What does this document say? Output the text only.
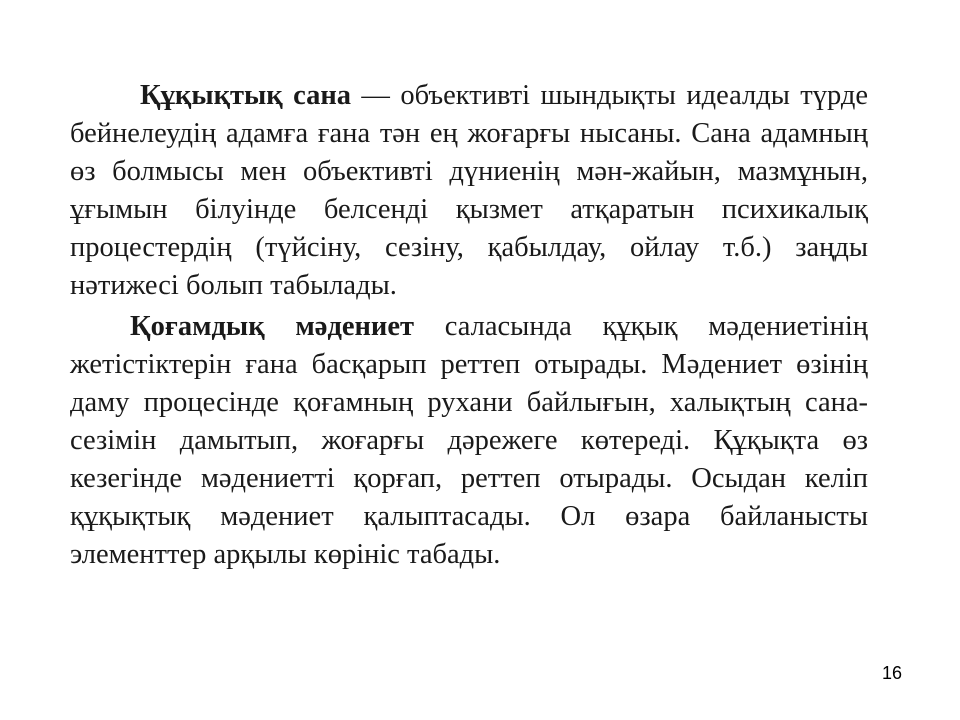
Құқықтық сана — объективті шындықты идеалды түрде бейнелеудің адамға ғана тән ең жоғарғы нысаны. Сана адамның өз болмысы мен объективті дүниенің мән-жайын, мазмұнын, ұғымын білуінде белсенді қызмет атқаратын психикалық процестердің (түйсіну, сезіну, қабылдау, ойлау т.б.) заңды нәтижесі болып табылады.

Қоғамдық мәдениет саласында құқық мәдениетінің жетістіктерін ғана басқарып реттеп отырады. Мәдениет өзінің даму процесінде қоғамның рухани байлығын, халықтың сана-сезімін дамытып, жоғарғы дәрежеге көтереді. Құқықта өз кезегінде мәдениетті қорғап, реттеп отырады. Осыдан келіп құқықтық мәдениет қалыптасады. Ол өзара байланысты элементтер арқылы көрініс табады.

16
